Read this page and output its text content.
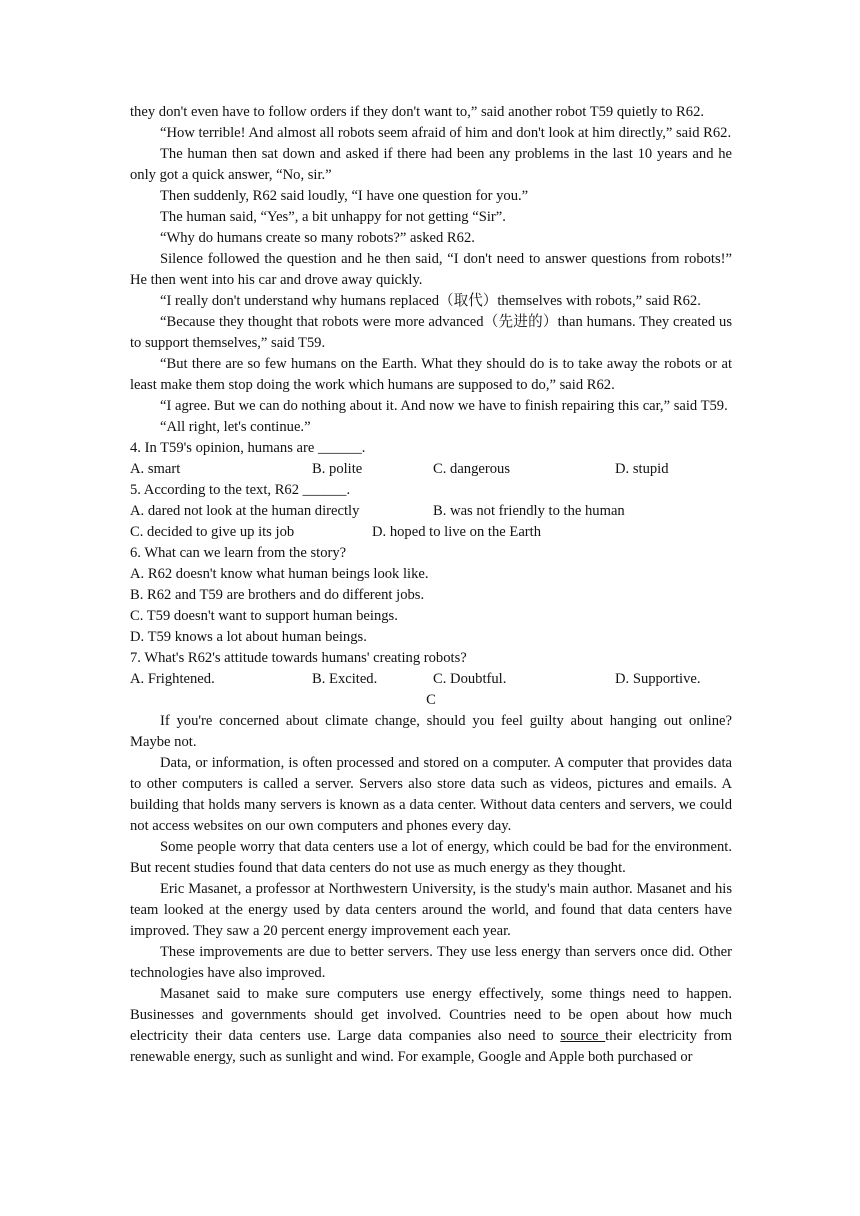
they don't even have to follow orders if they don't want to,” said another robot T59 quietly to R62.

“How terrible! And almost all robots seem afraid of him and don't look at him directly,” said R62.

The human then sat down and asked if there had been any problems in the last 10 years and he only got a quick answer, “No, sir.”

Then suddenly, R62 said loudly, “I have one question for you.”

The human said, “Yes”, a bit unhappy for not getting “Sir”.

“Why do humans create so many robots?” asked R62.

Silence followed the question and he then said, “I don't need to answer questions from robots!” He then went into his car and drove away quickly.

“I really don't understand why humans replaced（取代）themselves with robots,” said R62.

“Because they thought that robots were more advanced（先进的）than humans. They created us to support themselves,” said T59.

“But there are so few humans on the Earth. What they should do is to take away the robots or at least make them stop doing the work which humans are supposed to do,” said R62.

“I agree. But we can do nothing about it. And now we have to finish repairing this car,” said T59.

“All right, let's continue.”

4. In T59's opinion, humans are ______.

A. smart	B. polite	C. dangerous	D. stupid

5. According to the text, R62 ______.

A. dared not look at the human directly	B. was not friendly to the human
C. decided to give up its job	D. hoped to live on the Earth

6. What can we learn from the story?

A. R62 doesn't know what human beings look like.

B. R62 and T59 are brothers and do different jobs.

C. T59 doesn't want to support human beings.

D. T59 knows a lot about human beings.

7. What's R62's attitude towards humans' creating robots?

A. Frightened.	B. Excited.	C. Doubtful.	D. Supportive.

C

If you're concerned about climate change, should you feel guilty about hanging out online? Maybe not.

Data, or information, is often processed and stored on a computer. A computer that provides data to other computers is called a server. Servers also store data such as videos, pictures and emails. A building that holds many servers is known as a data center. Without data centers and servers, we could not access websites on our own computers and phones every day.

Some people worry that data centers use a lot of energy, which could be bad for the environment. But recent studies found that data centers do not use as much energy as they thought.

Eric Masanet, a professor at Northwestern University, is the study's main author. Masanet and his team looked at the energy used by data centers around the world, and found that data centers have improved. They saw a 20 percent energy improvement each year.

These improvements are due to better servers. They use less energy than servers once did. Other technologies have also improved.

Masanet said to make sure computers use energy effectively, some things need to happen. Businesses and governments should get involved. Countries need to be open about how much electricity their data centers use. Large data companies also need to source their electricity from renewable energy, such as sunlight and wind. For example, Google and Apple both purchased or
